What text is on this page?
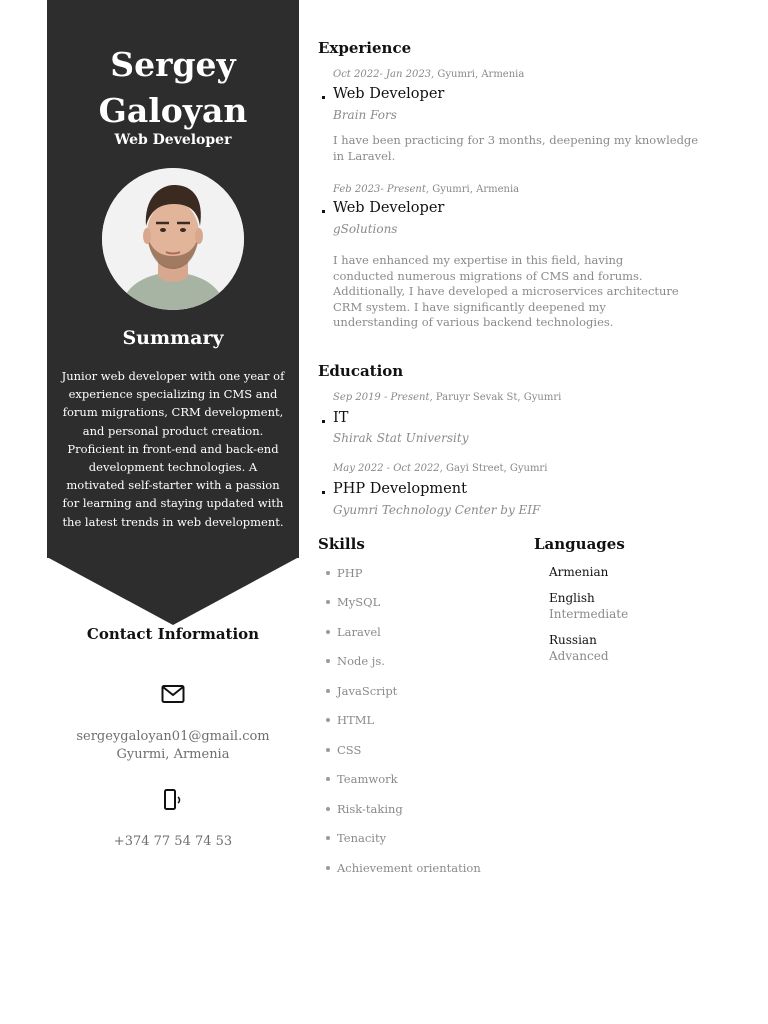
Sergey
Galoyan
Web Developer
Summary
Junior web developer with one year of experience specializing in CMS and forum migrations, CRM development, and personal product creation. Proficient in front-end and back-end development technologies. A motivated self-starter with a passion for learning and staying updated with the latest trends in web development.
Contact Information
sergeygaloyan01@gmail.com
Gyurmi, Armenia
+374 77 54 74 53
Experience
Oct 2022- Jan 2023, Gyumri, Armenia
Web Developer
Brain Fors
I have been practicing for 3 months, deepening my knowledge in Laravel.
Feb 2023- Present, Gyumri, Armenia
Web Developer
gSolutions
I have enhanced my expertise in this field, having conducted numerous migrations of CMS and forums. Additionally, I have developed a microservices architecture CRM system. I have significantly deepened my understanding of various backend technologies.
Education
Sep 2019 - Present, Paruyr Sevak St, Gyumri
IT
Shirak Stat University
May 2022 - Oct 2022, Gayi Street, Gyumri
PHP Development
Gyumri Technology Center by EIF
Skills
PHP
MySQL
Laravel
Node js.
JavaScript
HTML
CSS
Teamwork
Risk-taking
Tenacity
Achievement orientation
Languages
Armenian
English
Intermediate
Russian
Advanced
